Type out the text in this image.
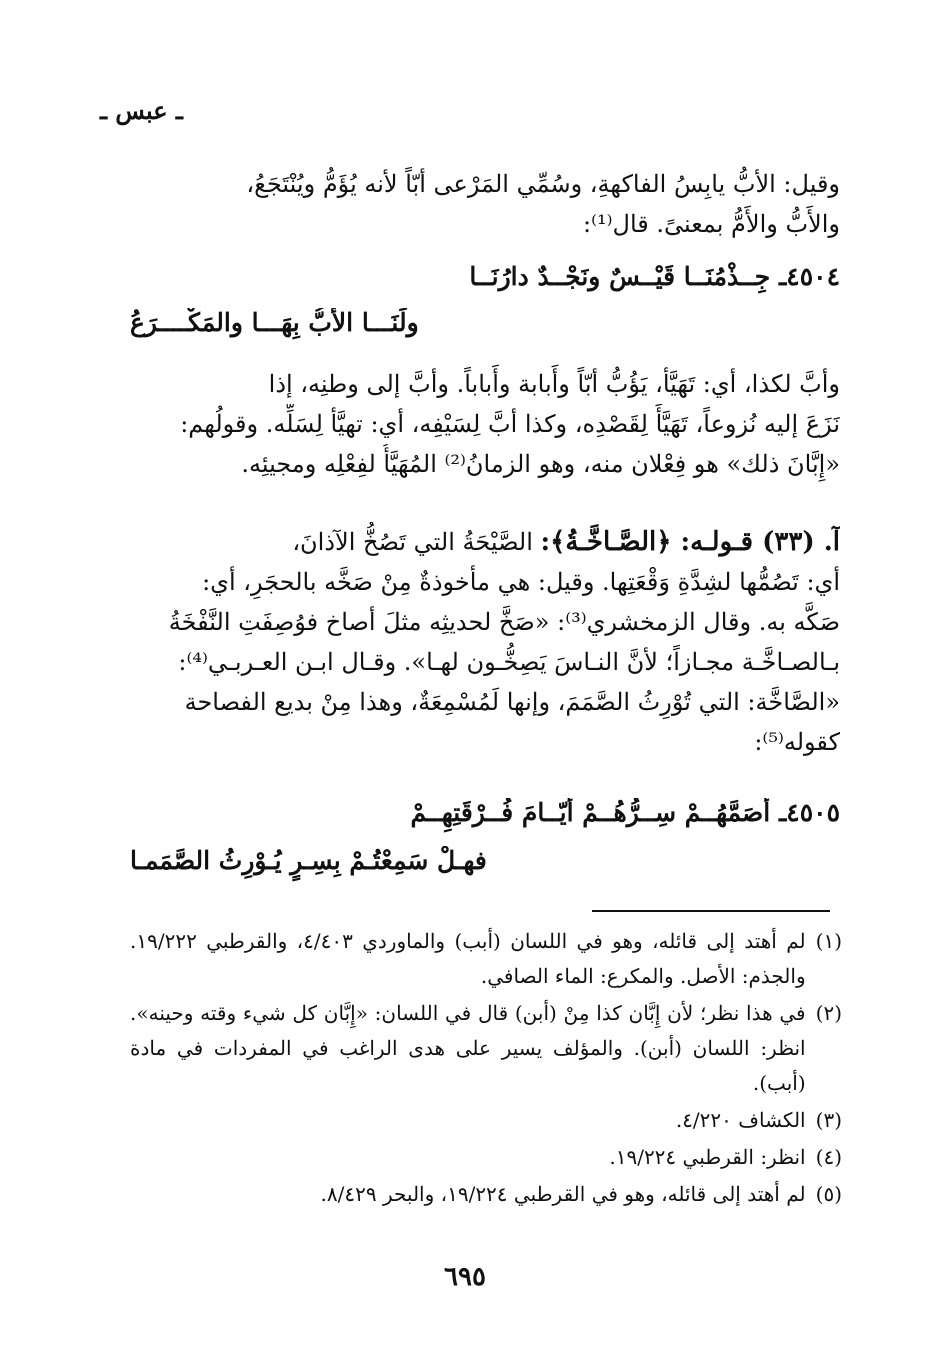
ـ عبس ـ
وقيل: الأبُّ يابِسُ الفاكهةِ، وسُمِّي المَرْعى أبّاً لأنه يُؤَمُّ ويُنْتَجَعُ،
والأَبُّ والأَمُّ بمعنىً. قال⁽¹⁾:
٤٥٠٤ـ جِــذْمُنَــا قَيْــسٌ ونَجْــدٌ دارُنَــا
ولَنَـــا الأَبُّ بِهَـــا والمَكْــــرَعُ
وأبَّ لكذا، أي: تَهَيَّأ، يَؤُبُّ أبّاً وأَبابة وأَباباً. وأبَّ إلى وطنِه، إذا
نَزَعَ إليه نُزوعاً، تَهَيَّأَ لِقَصْدِه، وكذا أبَّ لِسَيْفِه، أي: تهيَّأ لِسَلِّه. وقولُهم:
«إِبَّانَ ذلك» هو فِعْلان منه، وهو الزمانُ⁽²⁾ المُهَيَّأُ لفِعْلِه ومجيئِه.
آ. (٣٣) قـولـه: ﴿الصَّـاخَّـةُ﴾: الصَّيْحَةُ التي تَصُخُّ الآذانَ،
أي: تَصُمُّها لشِدَّةِ وَقْعَتِها. وقيل: هي مأخوذةٌ مِنْ صَخَّه بالحجَرِ، أي:
صَكَّه به. وقال الزمخشري⁽³⁾: «صَخَّ لحديثِه مثلَ أصاخ فوُصِفَتِ النَّفْخَةُ
بـالصـاخَّـة مجـازاً؛ لأنَّ النـاسَ يَصِخُّـون لهـا». وقـال ابـن العـربـي⁽⁴⁾:
«الصَّاخَّة: التي تُوْرِثُ الصَّمَمَ، وإنها لَمُسْمِعَةٌ، وهذا مِنْ بديع الفصاحة
كقوله⁽⁵⁾:
٤٥٠٥ـ أَصَمَّهُــمْ سِــرُّهُــمْ أَيّــامَ فُــرْقَتِهِــمْ
فهـلْ سَمِعْتُـمْ بِسِـرٍ يُـوْرِثُ الصَّمَمـا
(١)
لم أهتد إلى قائله، وهو في اللسان (أبب) والماوردي ٤/٤٠٣، والقرطبي ١٩/٢٢٢. والجذم: الأصل. والمكرع: الماء الصافي.
(٢)
في هذا نظر؛ لأن إِبَّان كذا مِنْ (أبن) قال في اللسان: «إِبَّان كل شيء وقته وحينه». انظر: اللسان (أبن). والمؤلف يسير على هدى الراغب في المفردات في مادة (أبب).
(٣)
الكشاف ٤/٢٢٠.
(٤)
انظر: القرطبي ١٩/٢٢٤.
(٥)
لم أهتد إلى قائله، وهو في القرطبي ١٩/٢٢٤، والبحر ٨/٤٢٩.
٦٩٥
